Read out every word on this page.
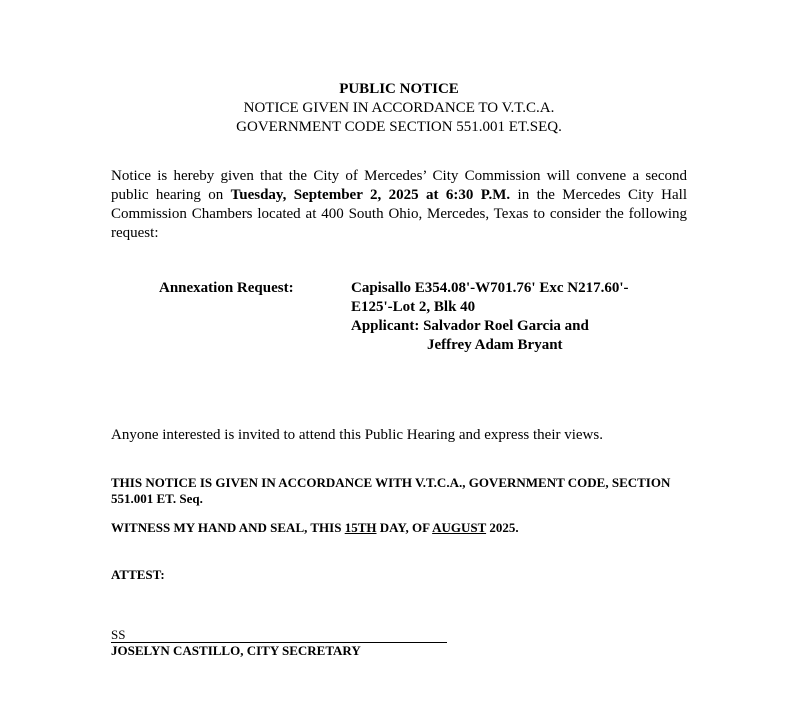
PUBLIC NOTICE
NOTICE GIVEN IN ACCORDANCE TO V.T.C.A.
GOVERNMENT CODE SECTION 551.001 ET.SEQ.
Notice is hereby given that the City of Mercedes’ City Commission will convene a second public hearing on Tuesday, September 2, 2025 at 6:30 P.M. in the Mercedes City Hall Commission Chambers located at 400 South Ohio, Mercedes, Texas to consider the following request:
Annexation Request:	Capisallo E354.08'-W701.76' Exc N217.60'-
E125'-Lot 2, Blk 40
Applicant: Salvador Roel Garcia and
Jeffrey Adam Bryant
Anyone interested is invited to attend this Public Hearing and express their views.
THIS NOTICE IS GIVEN IN ACCORDANCE WITH V.T.C.A., GOVERNMENT CODE, SECTION 551.001 ET. Seq.
WITNESS MY HAND AND SEAL, THIS 15TH DAY, OF AUGUST 2025.
ATTEST:
SS
JOSELYN CASTILLO, CITY SECRETARY
